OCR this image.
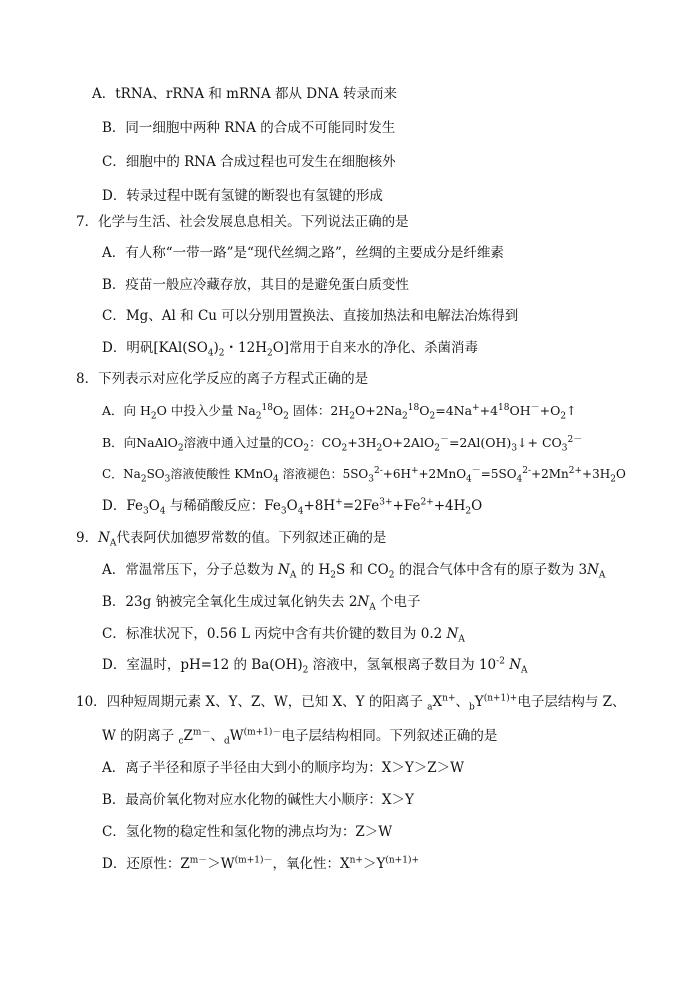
A．tRNA、rRNA 和 mRNA 都从 DNA 转录而来
B．同一细胞中两种 RNA 的合成不可能同时发生
C．细胞中的 RNA 合成过程也可发生在细胞核外
D．转录过程中既有氢键的断裂也有氢键的形成
7．化学与生活、社会发展息息相关。下列说法正确的是
A．有人称“一带一路”是“现代丝绸之路”，丝绸的主要成分是纤维素
B．疫苗一般应冷藏存放，其目的是避免蛋白质变性
C．Mg、Al 和 Cu 可以分别用置换法、直接加热法和电解法冶炼得到
D．明矾[$KAl(SO_4)_2$・$12H_2O$]常用于自来水的净化、杀菌消毒
8．下列表示对应化学反应的离子方程式正确的是
A．向 $H_2O$ 中投入少量 $Na_2^{18}O_2$ 固体：$2H_2O+2Na_2^{18}O_2=4Na^++4^{18}OH^-+O_2↑$
B．向NaAlO$_2$溶液中通入过量的$CO_2$：$CO_2+3H_2O+2AlO_2^-=2Al(OH)_3↓+ CO_3^{2-}$
C．$Na_2SO_3$溶液使酸性 KMnO$_4$ 溶液褪色：$5SO_3^{2-}+6H^++2MnO_4^-=5SO_4^{2-}+2Mn^{2+}+3H_2O$
D．$Fe_3O_4$ 与稀硝酸反应：$Fe_3O_4+8H^+=2Fe^{3+}+Fe^{2+}+4H_2O$
9．$N_A$代表阿伏加德罗常数的值。下列叙述正确的是
A．常温常压下，分子总数为 $N_A$ 的 $H_2S$ 和 $CO_2$ 的混合气体中含有的原子数为 $3N_A$
B．23g 钠被完全氧化生成过氧化钠失去 $2N_A$ 个电子
C．标准状况下，0.56 L 丙烷中含有共价键的数目为 0.2 $N_A$
D．室温时，pH=12 的 $Ba(OH)_2$ 溶液中，氢氧根离子数目为 $10^{-2}$ $N_A$
10．四种短周期元素 X、Y、Z、W，已知 X、Y 的阳离子 $_aX^{n+}$、$_bY^{(n+1)+}$电子层结构与 Z、
W 的阴离子 $_cZ^{m-}$、$_dW^{(m+1)-}$电子层结构相同。下列叙述正确的是
A．离子半径和原子半径由大到小的顺序均为：X＞Y＞Z＞W
B．最高价氧化物对应水化物的碱性大小顺序：X＞Y
C．氢化物的稳定性和氢化物的沸点均为：Z＞W
D．还原性：$Z^{m-}>W^{(m+1)-}$，氧化性：$X^{n+}>Y^{(n+1)+}$
